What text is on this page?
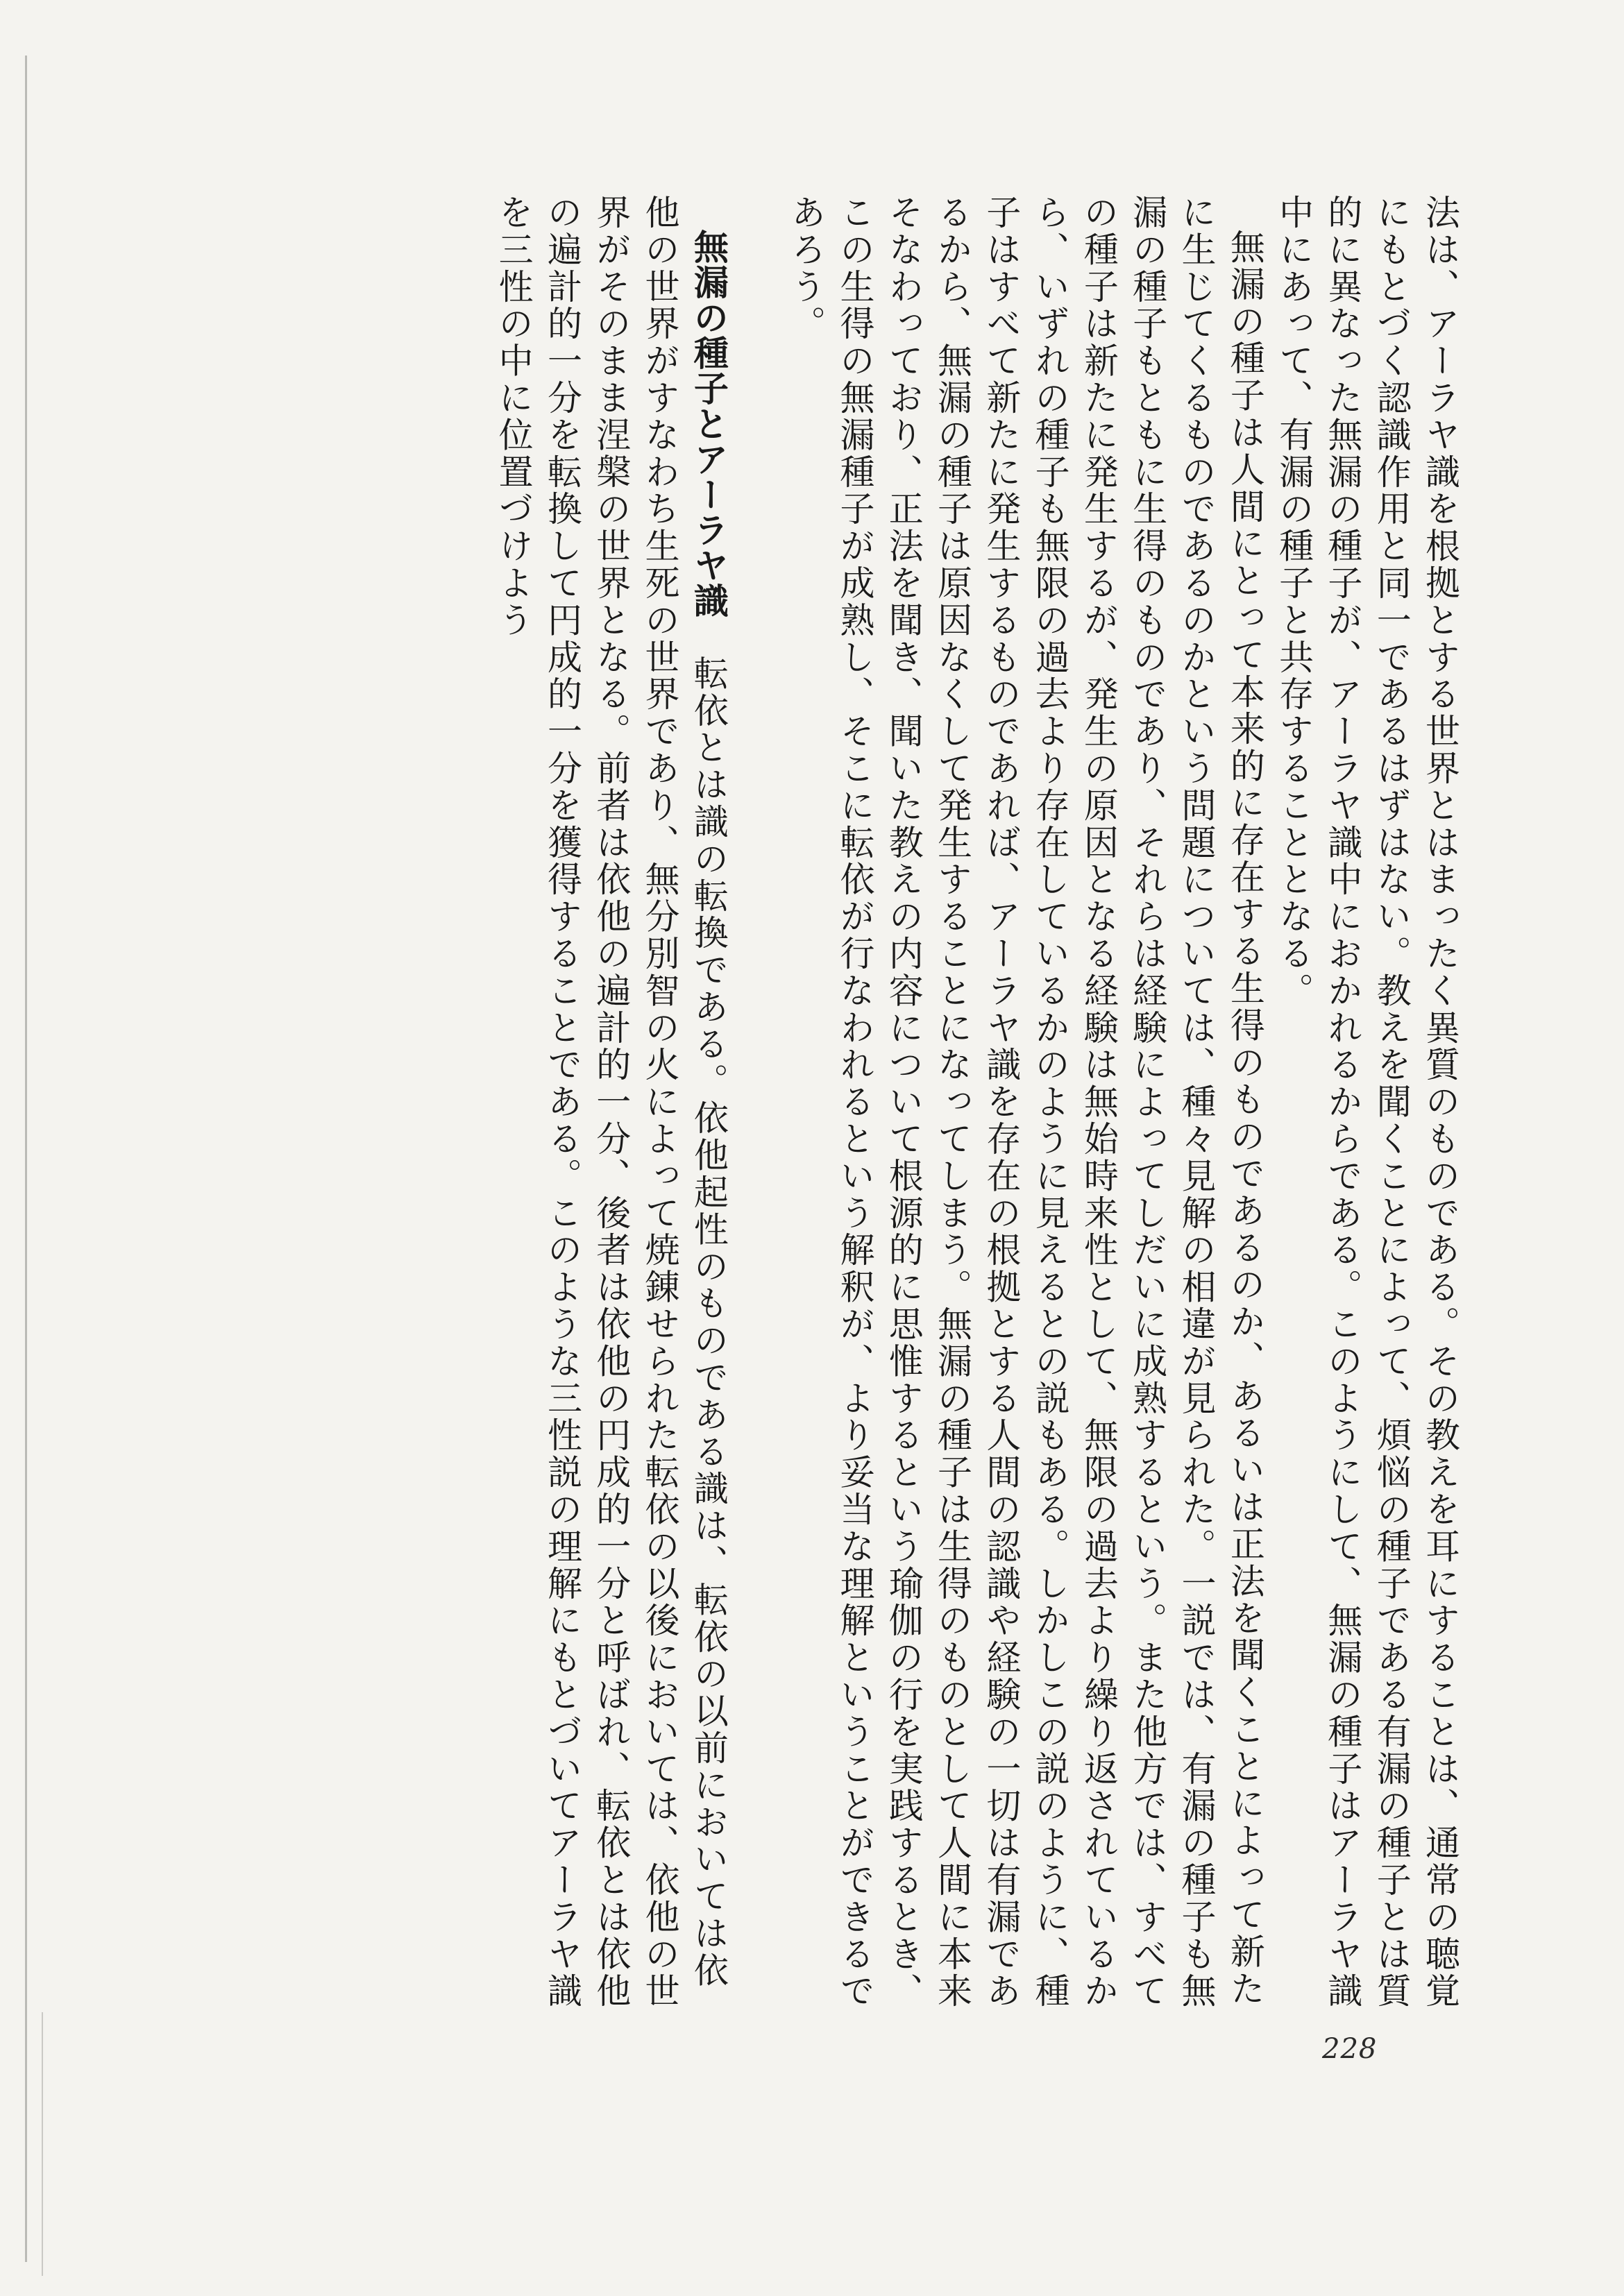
法は、アーラヤ識を根拠とする世界とはまったく異質のものである。その教えを耳にすることは、通常の聴覚にもとづく認識作用と同一であるはずはない。教えを聞くことによって、煩悩の種子である有漏の種子とは質的に異なった無漏の種子が、アーラヤ識中におかれるからである。このようにして、無漏の種子はアーラヤ識中にあって、有漏の種子と共存することとなる。

無漏の種子は人間にとって本来的に存在する生得のものであるのか、あるいは正法を聞くことによって新たに生じてくるものであるのかという問題については、種々見解の相違が見られた。一説では、有漏の種子も無漏の種子もともに生得のものであり、それらは経験によってしだいに成熟するという。また他方では、すべての種子は新たに発生するが、発生の原因となる経験は無始時来性として、無限の過去より繰り返されているから、いずれの種子も無限の過去より存在しているかのように見えるとの説もある。しかしこの説のように、種子はすべて新たに発生するものであれば、アーラヤ識を存在の根拠とする人間の認識や経験の一切は有漏であるから、無漏の種子は原因なくして発生することになってしまう。無漏の種子は生得のものとして人間に本来そなわっており、正法を聞き、聞いた教えの内容について根源的に思惟するという瑜伽の行を実践するとき、この生得の無漏種子が成熟し、そこに転依が行なわれるという解釈が、より妥当な理解ということができるであろう。

無漏の種子とアーラヤ識　転依とは識の転換である。依他起性のものである識は、転依の以前においては依他の世界がすなわち生死の世界であり、無分別智の火によって焼錬せられた転依の以後においては、依他の世界がそのまま涅槃の世界となる。前者は依他の遍計的一分、後者は依他の円成的一分と呼ばれ、転依とは依他の遍計的一分を転換して円成的一分を獲得することである。このような三性説の理解にもとづいてアーラヤ識を三性の中に位置づけよう

228
